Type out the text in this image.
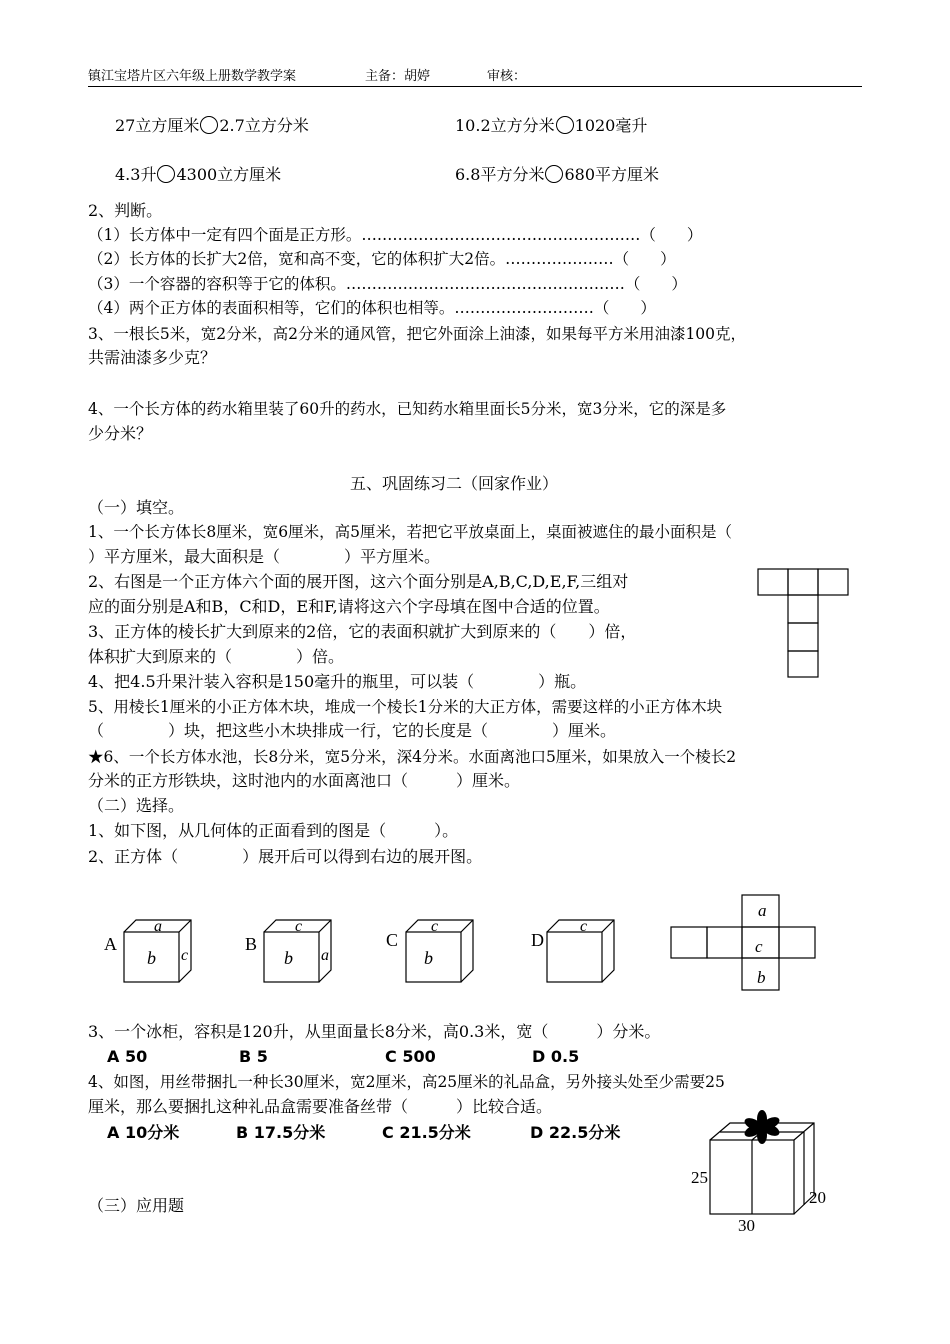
镇江宝塔片区六年级上册数学教学案	主备：胡婷	审核：
27立方厘米 2.7立方分米	10.2立方分米 1020毫升
4.3升 4300立方厘米	6.8平方分米 680平方厘米
2、判断。
（1）长方体中一定有四个面是正方形。………………………………………………（　　）
（2）长方体的长扩大2倍，宽和高不变，它的体积扩大2倍。…………………（　　）
（3）一个容器的容积等于它的体积。………………………………………………（　　）
（4）两个正方体的表面积相等，它们的体积也相等。………………………（　　）
3、一根长5米，宽2分米，高2分米的通风管，把它外面涂上油漆，如果每平方米用油漆100克，
共需油漆多少克？
4、一个长方体的药水箱里装了60升的药水，已知药水箱里面长5分米，宽3分米，它的深是多
少分米？
五、巩固练习二（回家作业）
（一）填空。
1、一个长方体长8厘米，宽6厘米，高5厘米，若把它平放桌面上，桌面被遮住的最小面积是（
）平方厘米，最大面积是（　　　　）平方厘米。
2、右图是一个正方体六个面的展开图，这六个面分别是A,B,C,D,E,F,三组对
应的面分别是A和B，C和D，E和F,请将这六个字母填在图中合适的位置。
3、正方体的棱长扩大到原来的2倍，它的表面积就扩大到原来的（　　）倍，
体积扩大到原来的（　　　　）倍。
4、把4.5升果汁装入容积是150毫升的瓶里，可以装（　　　　）瓶。
5、用棱长1厘米的小正方体木块，堆成一个棱长1分米的大正方体，需要这样的小正方体木块
（　　　　）块，把这些小木块排成一行，它的长度是（　　　　）厘米。
★6、一个长方体水池，长8分米，宽5分米，深4分米。水面离池口5厘米，如果放入一个棱长2
分米的正方形铁块，这时池内的水面离池口（　　　）厘米。
（二）选择。
1、如下图，从几何体的正面看到的图是（　　　）。
2、正方体（　　　　）展开后可以得到右边的展开图。
A
a
b c
B
c
b a
C
c
b
D
c
a
c
b
3、一个冰柜，容积是120升，从里面量长8分米，高0.3米，宽（　　　）分米。
A 50	B 5	C 500	D 0.5
4、如图，用丝带捆扎一种长30厘米，宽2厘米，高25厘米的礼品盒，另外接头处至少需要25
厘米，那么要捆扎这种礼品盒需要准备丝带（　　　）比较合适。
A 10分米	B 17.5分米	C 21.5分米	D 22.5分米
25
20
30
（三）应用题
